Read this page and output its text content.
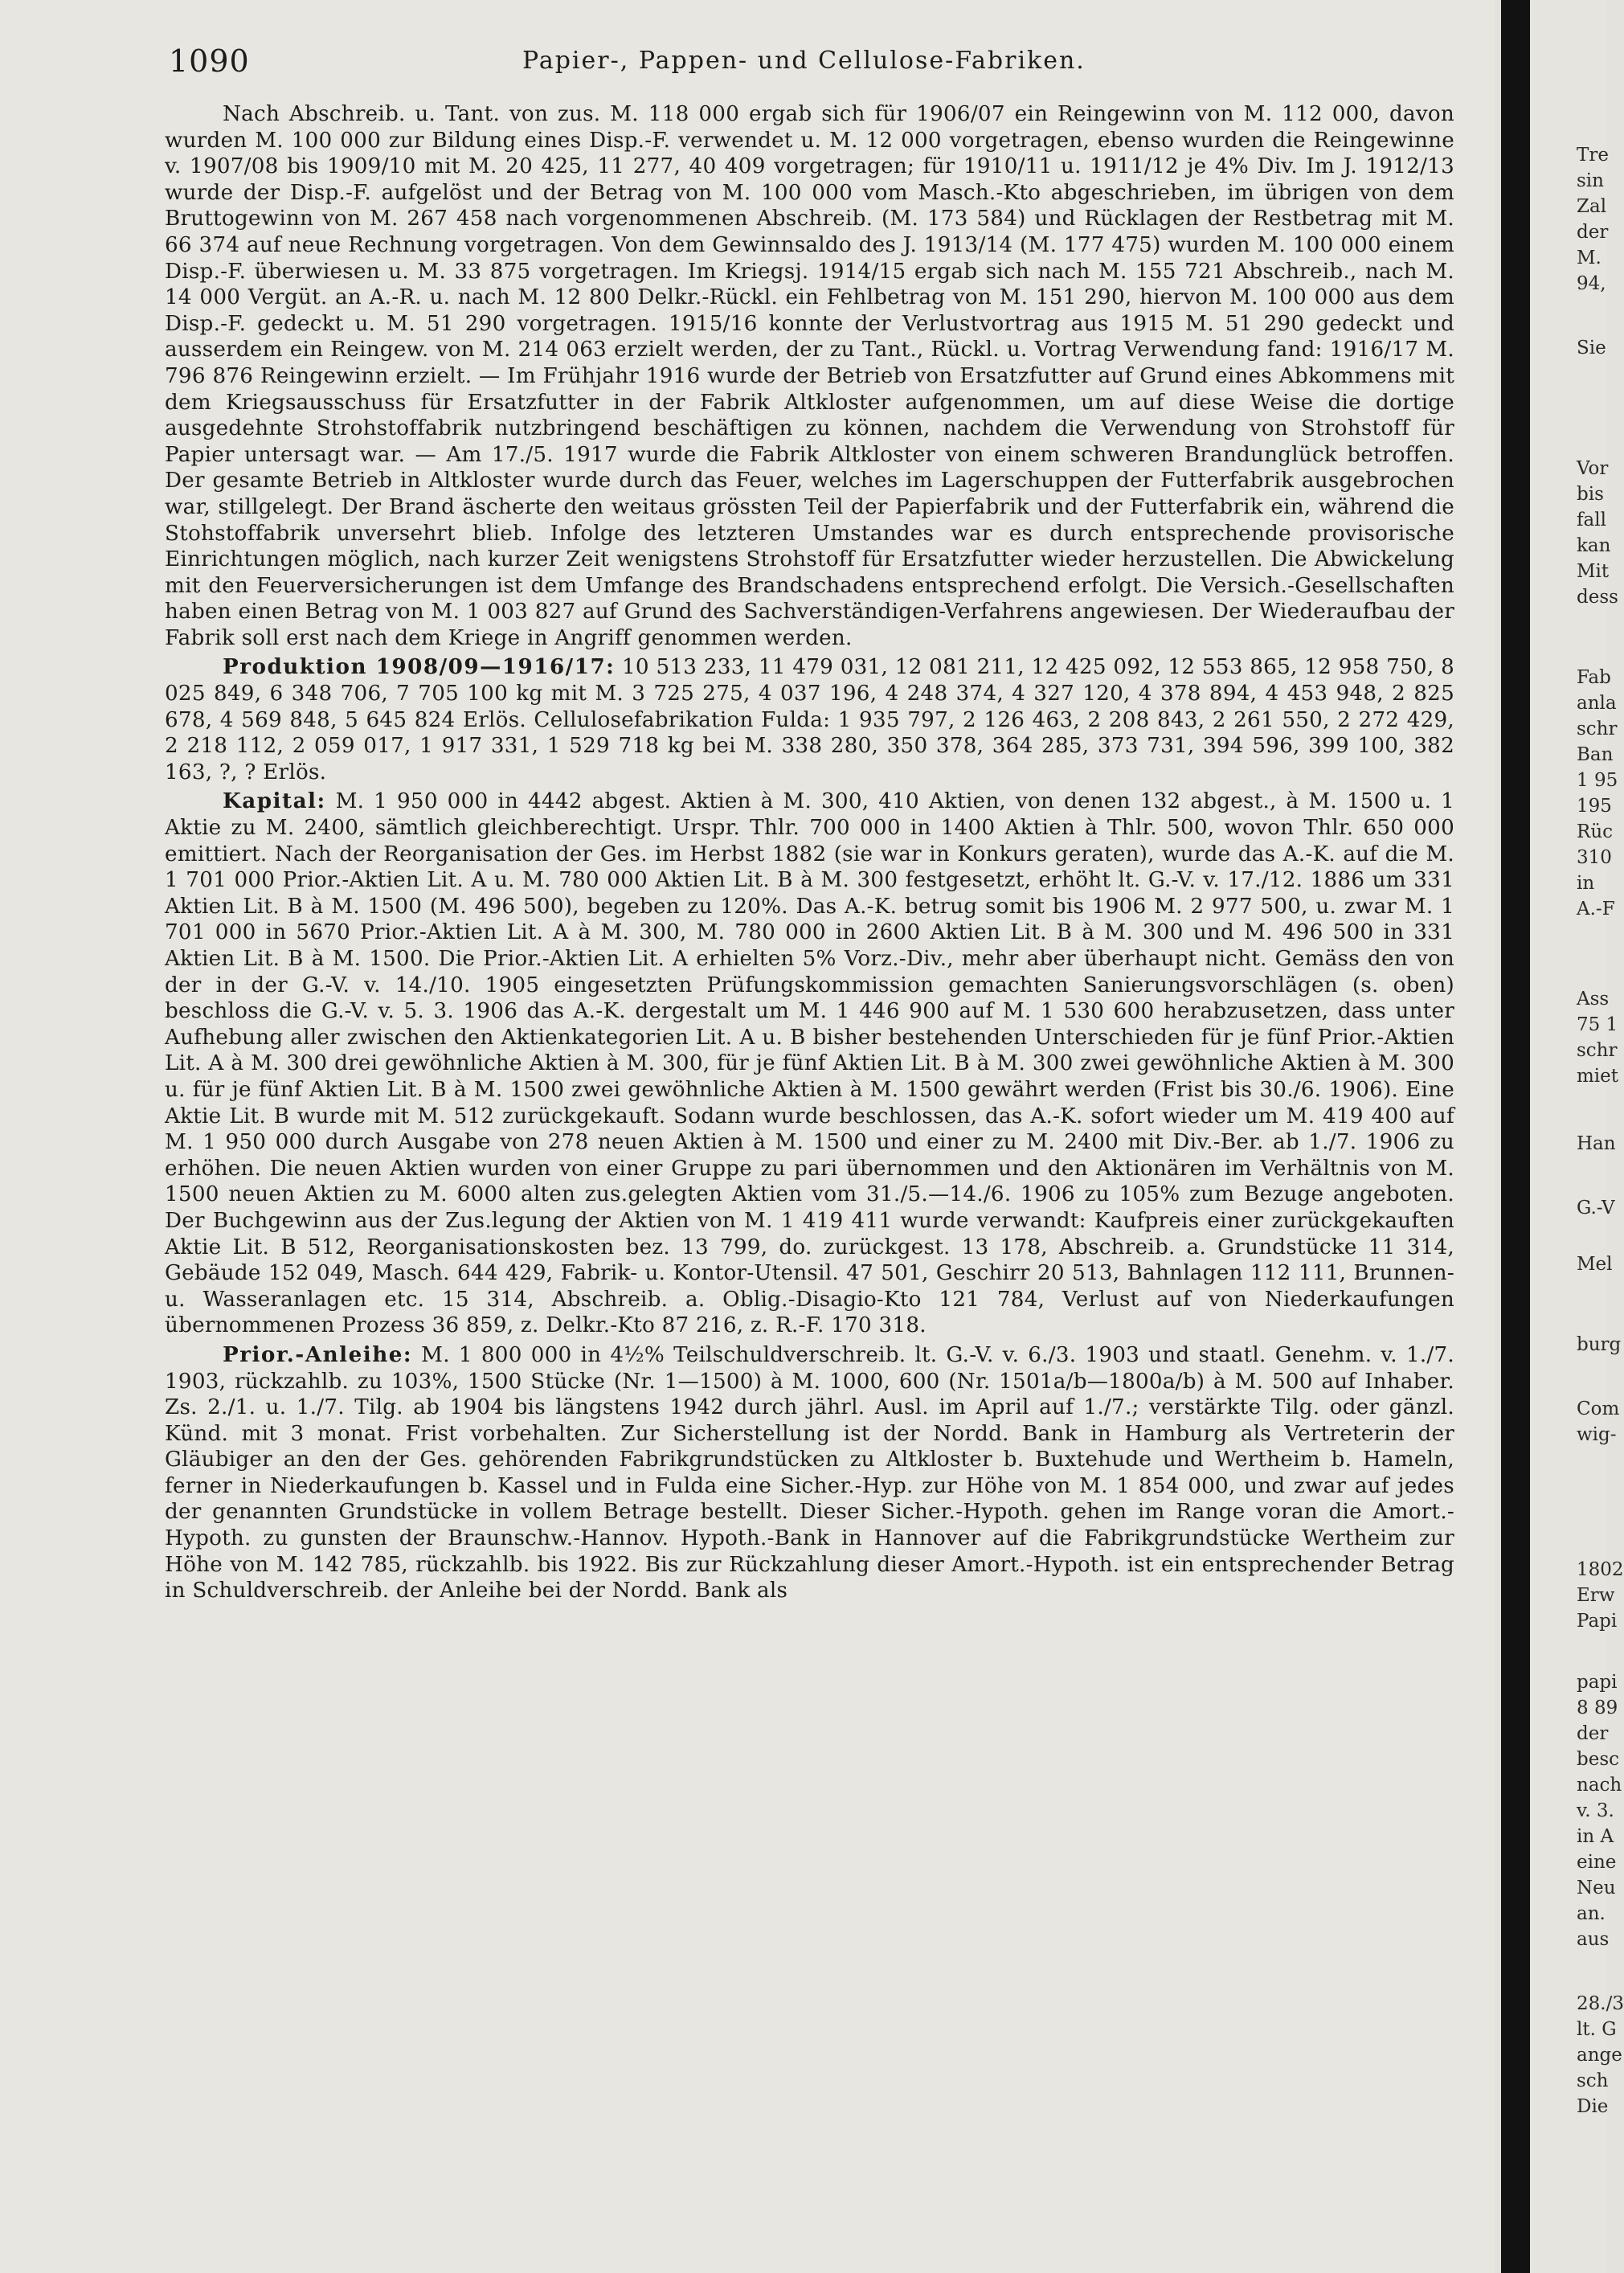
1090	Papier-, Pappen- und Cellulose-Fabriken.

Nach Abschreib. u. Tant. von zus. M. 118 000 ergab sich für 1906/07 ein Reingewinn von M. 112 000, davon wurden M. 100 000 zur Bildung eines Disp.-F. verwendet u. M. 12 000 vorgetragen, ebenso wurden die Reingewinne v. 1907/08 bis 1909/10 mit M. 20 425, 11 277, 40 409 vorgetragen; für 1910/11 u. 1911/12 je 4% Div. Im J. 1912/13 wurde der Disp.-F. aufgelöst und der Betrag von M. 100 000 vom Masch.-Kto abgeschrieben, im übrigen von dem Bruttogewinn von M. 267 458 nach vorgenommenen Abschreib. (M. 173 584) und Rücklagen der Restbetrag mit M. 66 374 auf neue Rechnung vorgetragen. Von dem Gewinnsaldo des J. 1913/14 (M. 177 475) wurden M. 100 000 einem Disp.-F. überwiesen u. M. 33 875 vorgetragen. Im Kriegsj. 1914/15 ergab sich nach M. 155 721 Abschreib., nach M. 14 000 Vergüt. an A.-R. u. nach M. 12 800 Delkr.-Rückl. ein Fehlbetrag von M. 151 290, hiervon M. 100 000 aus dem Disp.-F. gedeckt u. M. 51 290 vorgetragen. 1915/16 konnte der Verlustvortrag aus 1915 M. 51 290 gedeckt und ausserdem ein Reingew. von M. 214 063 erzielt werden, der zu Tant., Rückl. u. Vortrag Verwendung fand: 1916/17 M. 796 876 Reingewinn erzielt. — Im Frühjahr 1916 wurde der Betrieb von Ersatzfutter auf Grund eines Abkommens mit dem Kriegsausschuss für Ersatzfutter in der Fabrik Altkloster aufgenommen, um auf diese Weise die dortige ausgedehnte Strohstoffabrik nutzbringend beschäftigen zu können, nachdem die Verwendung von Strohstoff für Papier untersagt war. — Am 17./5. 1917 wurde die Fabrik Altkloster von einem schweren Brandunglück betroffen. Der gesamte Betrieb in Altkloster wurde durch das Feuer, welches im Lagerschuppen der Futterfabrik ausgebrochen war, stillgelegt. Der Brand äscherte den weitaus grössten Teil der Papierfabrik und der Futterfabrik ein, während die Stohstoffabrik unversehrt blieb. Infolge des letzteren Umstandes war es durch entsprechende provisorische Einrichtungen möglich, nach kurzer Zeit wenigstens Strohstoff für Ersatzfutter wieder herzustellen. Die Abwickelung mit den Feuerversicherungen ist dem Umfange des Brandschadens entsprechend erfolgt. Die Versich.-Gesellschaften haben einen Betrag von M. 1 003 827 auf Grund des Sachverständigen-Verfahrens angewiesen. Der Wiederaufbau der Fabrik soll erst nach dem Kriege in Angriff genommen werden.

Produktion 1908/09—1916/17: 10 513 233, 11 479 031, 12 081 211, 12 425 092, 12 553 865, 12 958 750, 8 025 849, 6 348 706, 7 705 100 kg mit M. 3 725 275, 4 037 196, 4 248 374, 4 327 120, 4 378 894, 4 453 948, 2 825 678, 4 569 848, 5 645 824 Erlös. Cellulosefabrikation Fulda: 1 935 797, 2 126 463, 2 208 843, 2 261 550, 2 272 429, 2 218 112, 2 059 017, 1 917 331, 1 529 718 kg bei M. 338 280, 350 378, 364 285, 373 731, 394 596, 399 100, 382 163, ?, ? Erlös.

Kapital: M. 1 950 000 in 4442 abgest. Aktien à M. 300, 410 Aktien, von denen 132 abgest., à M. 1500 u. 1 Aktie zu M. 2400, sämtlich gleichberechtigt. Urspr. Thlr. 700 000 in 1400 Aktien à Thlr. 500, wovon Thlr. 650 000 emittiert. Nach der Reorganisation der Ges. im Herbst 1882 (sie war in Konkurs geraten), wurde das A.-K. auf die M. 1 701 000 Prior.-Aktien Lit. A u. M. 780 000 Aktien Lit. B à M. 300 festgesetzt, erhöht lt. G.-V. v. 17./12. 1886 um 331 Aktien Lit. B à M. 1500 (M. 496 500), begeben zu 120%. Das A.-K. betrug somit bis 1906 M. 2 977 500, u. zwar M. 1 701 000 in 5670 Prior.-Aktien Lit. A à M. 300, M. 780 000 in 2600 Aktien Lit. B à M. 300 und M. 496 500 in 331 Aktien Lit. B à M. 1500. Die Prior.-Aktien Lit. A erhielten 5% Vorz.-Div., mehr aber überhaupt nicht. Gemäss den von der in der G.-V. v. 14./10. 1905 eingesetzten Prüfungskommission gemachten Sanierungsvorschlägen (s. oben) beschloss die G.-V. v. 5. 3. 1906 das A.-K. dergestalt um M. 1 446 900 auf M. 1 530 600 herabzusetzen, dass unter Aufhebung aller zwischen den Aktienkategorien Lit. A u. B bisher bestehenden Unterschieden für je fünf Prior.-Aktien Lit. A à M. 300 drei gewöhnliche Aktien à M. 300, für je fünf Aktien Lit. B à M. 300 zwei gewöhnliche Aktien à M. 300 u. für je fünf Aktien Lit. B à M. 1500 zwei gewöhnliche Aktien à M. 1500 gewährt werden (Frist bis 30./6. 1906). Eine Aktie Lit. B wurde mit M. 512 zurückgekauft. Sodann wurde beschlossen, das A.-K. sofort wieder um M. 419 400 auf M. 1 950 000 durch Ausgabe von 278 neuen Aktien à M. 1500 und einer zu M. 2400 mit Div.-Ber. ab 1./7. 1906 zu erhöhen. Die neuen Aktien wurden von einer Gruppe zu pari übernommen und den Aktionären im Verhältnis von M. 1500 neuen Aktien zu M. 6000 alten zus.gelegten Aktien vom 31./5.—14./6. 1906 zu 105% zum Bezuge angeboten. Der Buchgewinn aus der Zus.legung der Aktien von M. 1 419 411 wurde verwandt: Kaufpreis einer zurückgekauften Aktie Lit. B 512, Reorganisationskosten bez. 13 799, do. zurückgest. 13 178, Abschreib. a. Grundstücke 11 314, Gebäude 152 049, Masch. 644 429, Fabrik- u. Kontor-Utensil. 47 501, Geschirr 20 513, Bahnlagen 112 111, Brunnen- u. Wasseranlagen etc. 15 314, Abschreib. a. Oblig.-Disagio-Kto 121 784, Verlust auf von Niederkaufungen übernommenen Prozess 36 859, z. Delkr.-Kto 87 216, z. R.-F. 170 318.

Prior.-Anleihe: M. 1 800 000 in 4½% Teilschuldverschreib. lt. G.-V. v. 6./3. 1903 und staatl. Genehm. v. 1./7. 1903, rückzahlb. zu 103%, 1500 Stücke (Nr. 1—1500) à M. 1000, 600 (Nr. 1501a/b—1800a/b) à M. 500 auf Inhaber. Zs. 2./1. u. 1./7. Tilg. ab 1904 bis längstens 1942 durch jährl. Ausl. im April auf 1./7.; verstärkte Tilg. oder gänzl. Künd. mit 3 monat. Frist vorbehalten. Zur Sicherstellung ist der Nordd. Bank in Hamburg als Vertreterin der Gläubiger an den der Ges. gehörenden Fabrikgrundstücken zu Altkloster b. Buxtehude und Wertheim b. Hameln, ferner in Niederkaufungen b. Kassel und in Fulda eine Sicher.-Hyp. zur Höhe von M. 1 854 000, und zwar auf jedes der genannten Grundstücke in vollem Betrage bestellt. Dieser Sicher.-Hypoth. gehen im Range voran die Amort.-Hypoth. zu gunsten der Braunschw.-Hannov. Hypoth.-Bank in Hannover auf die Fabrikgrundstücke Wertheim zur Höhe von M. 142 785, rückzahlb. bis 1922. Bis zur Rückzahlung dieser Amort.-Hypoth. ist ein entsprechender Betrag in Schuldverschreib. der Anleihe bei der Nordd. Bank als

Tre
sin
Zal
der
M.
94,
Sie
Vor
bis
fall
kan
Mit
dess
Fab
anla
schr
Ban
1 95
195
Rüc
310
in
A.-F
Ass
75 1
schr
miet
Han
G.-V
Mel
burg
Com
wig-
1802
Erw
Papi
papi
8 89
der
besc
nach
v. 3.
in A
eine
Neu
an.
aus
28./3
lt. G
ange
sch
Die
